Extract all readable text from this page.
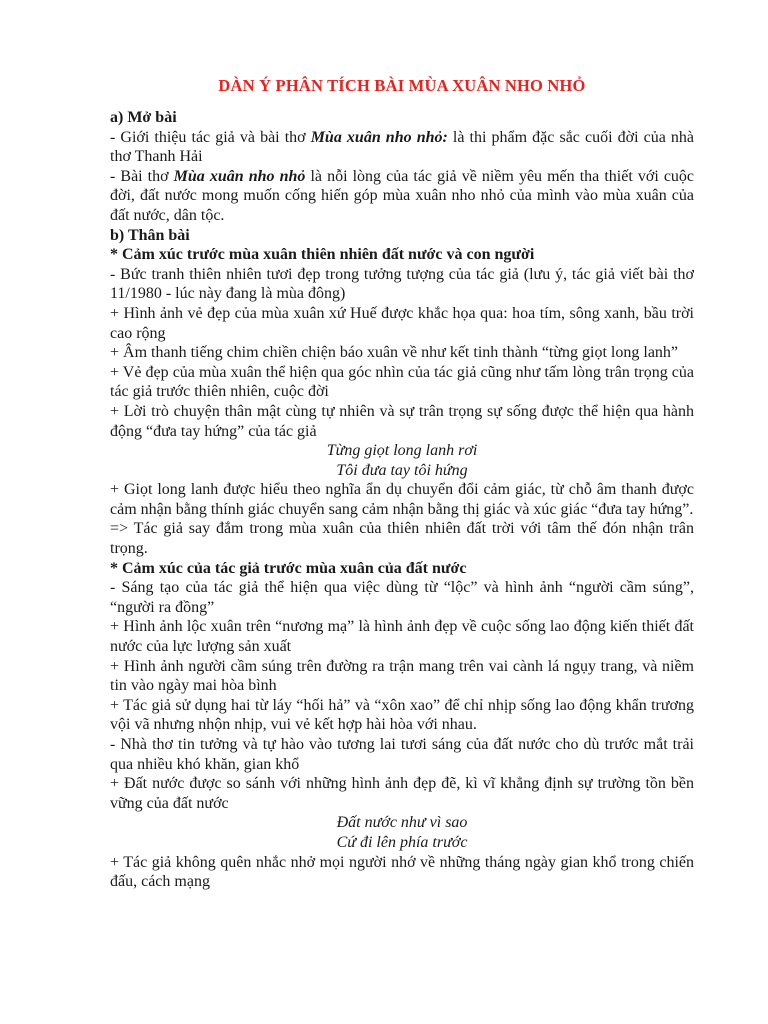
DÀN Ý PHÂN TÍCH BÀI MÙA XUÂN NHO NHỎ
a) Mở bài

- Giới thiệu tác giả và bài thơ Mùa xuân nho nhỏ: là thi phẩm đặc sắc cuối đời của nhà thơ Thanh Hải

- Bài thơ Mùa xuân nho nhỏ là nỗi lòng của tác giả về niềm yêu mến tha thiết với cuộc đời, đất nước mong muốn cống hiến góp mùa xuân nho nhỏ của mình vào mùa xuân của đất nước, dân tộc.

b) Thân bài
* Cảm xúc trước mùa xuân thiên nhiên đất nước và con người

- Bức tranh thiên nhiên tươi đẹp trong tưởng tượng của tác giả (lưu ý, tác giả viết bài thơ 11/1980 - lúc này đang là mùa đông)

+ Hình ảnh vẻ đẹp của mùa xuân xứ Huế được khắc họa qua: hoa tím, sông xanh, bầu trời cao rộng

+ Âm thanh tiếng chim chiền chiện báo xuân về như kết tinh thành “từng giọt long lanh”

+ Vẻ đẹp của mùa xuân thể hiện qua góc nhìn của tác giả cũng như tấm lòng trân trọng của tác giả trước thiên nhiên, cuộc đời

+ Lời trò chuyện thân mật cùng tự nhiên và sự trân trọng sự sống được thể hiện qua hành động “đưa tay hứng” của tác giả

Từng giọt long lanh rơi

Tôi đưa tay tôi hứng

+ Giọt long lanh được hiểu theo nghĩa ẩn dụ chuyển đổi cảm giác, từ chỗ âm thanh được cảm nhận bằng thính giác chuyển sang cảm nhận bằng thị giác và xúc giác “đưa tay hứng”.

=> Tác giả say đắm trong mùa xuân của thiên nhiên đất trời với tâm thế đón nhận trân trọng.

* Cảm xúc của tác giả trước mùa xuân của đất nước

- Sáng tạo của tác giả thể hiện qua việc dùng từ “lộc” và hình ảnh “người cầm súng”, “người ra đồng”

+ Hình ảnh lộc xuân trên “nương mạ” là hình ảnh đẹp về cuộc sống lao động kiến thiết đất nước của lực lượng sản xuất

+ Hình ảnh người cầm súng trên đường ra trận mang trên vai cành lá ngụy trang, và niềm tin vào ngày mai hòa bình

+ Tác giả sử dụng hai từ láy “hối hả” và “xôn xao” để chỉ nhịp sống lao động khẩn trương vội vã nhưng nhộn nhịp, vui vẻ kết hợp hài hòa với nhau.

- Nhà thơ tin tưởng và tự hào vào tương lai tươi sáng của đất nước cho dù trước mắt trải qua nhiều khó khăn, gian khổ

+ Đất nước được so sánh với những hình ảnh đẹp đẽ, kì vĩ khẳng định sự trường tồn bền vững của đất nước

Đất nước như vì sao

Cứ đi lên phía trước

+ Tác giả không quên nhắc nhở mọi người nhớ về những tháng ngày gian khổ trong chiến đấu, cách mạng
